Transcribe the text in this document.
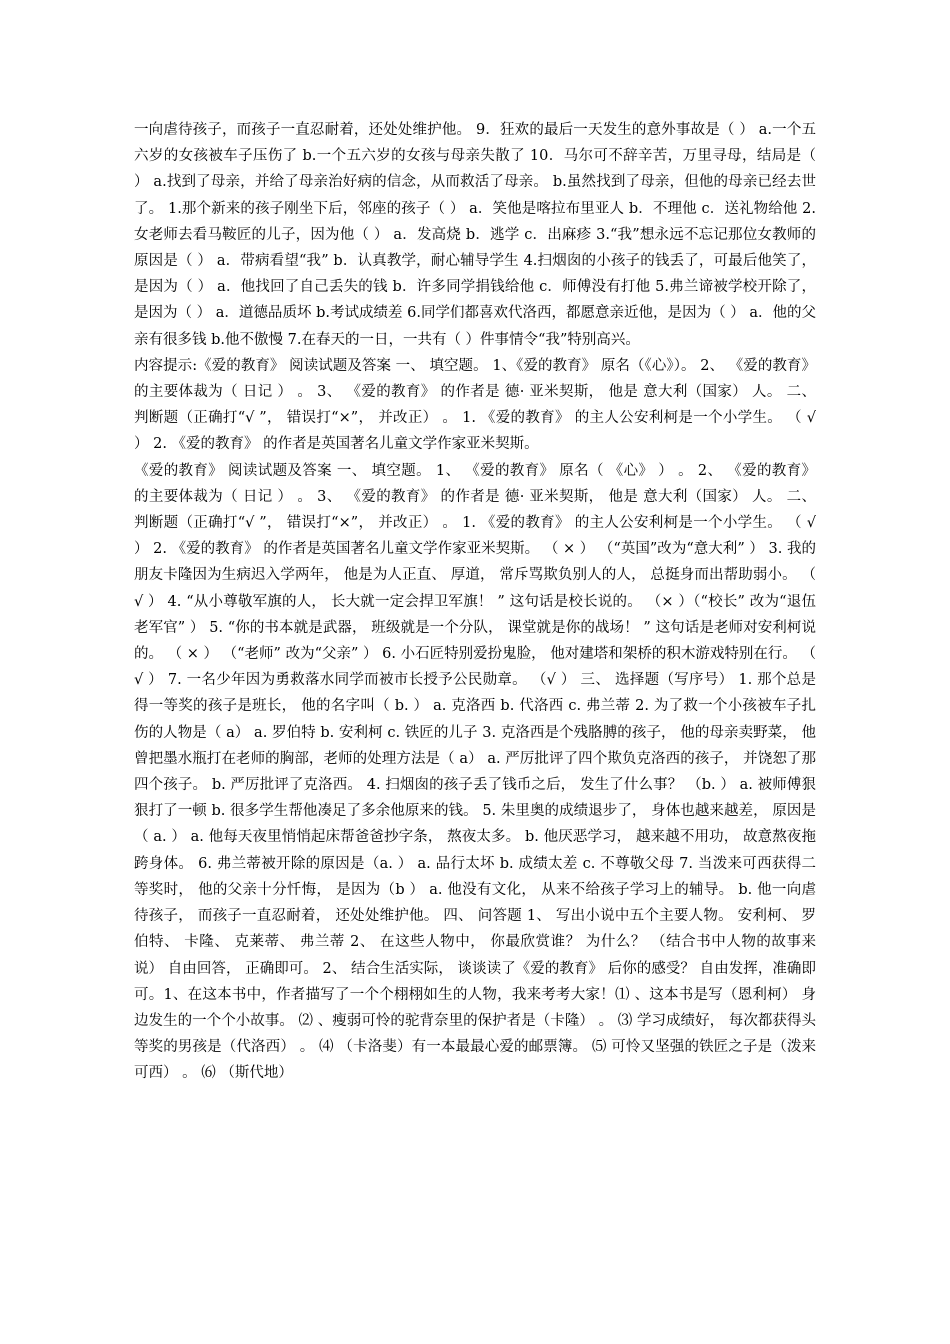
一向虐待孩子，而孩子一直忍耐着，还处处维护他。 9．狂欢的最后一天发生的意外事故是（ ） a.一个五六岁的女孩被车子压伤了 b.一个五六岁的女孩与母亲失散了 10．马尔可不辞辛苦，万里寻母，结局是（ ） a.找到了母亲，并给了母亲治好病的信念，从而救活了母亲。 b.虽然找到了母亲，但他的母亲已经去世了。 1.那个新来的孩子刚坐下后，邻座的孩子（ ） a．笑他是喀拉布里亚人 b．不理他 c．送礼物给他 2.女老师去看马鞍匠的儿子，因为他（ ） a．发高烧 b．逃学 c．出麻疹 3.“我”想永远不忘记那位女教师的原因是（ ） a．带病看望“我” b．认真教学，耐心辅导学生 4.扫烟囱的小孩子的钱丢了，可最后他笑了，是因为（ ） a．他找回了自己丢失的钱 b．许多同学捐钱给他 c．师傅没有打他 5.弗兰谛被学校开除了，是因为（ ） a．道德品质坏 b.考试成绩差 6.同学们都喜欢代洛西，都愿意亲近他，是因为（ ） a．他的父亲有很多钱 b.他不傲慢 7.在春天的一日，一共有（ ）件事情令“我”特别高兴。

内容提示:《爱的教育》 阅读试题及答案 一、 填空题。 1、《爱的教育》 原名（《心》）。 2、 《爱的教育》 的主要体裁为（ 日记 ） 。 3、 《爱的教育》 的作者是 德· 亚米契斯， 他是 意大利（国家） 人。 二、 判断题（正确打“√ ”， 错误打“×”， 并改正） 。 1. 《爱的教育》 的主人公安利柯是一个小学生。 （ √ ） 2. 《爱的教育》 的作者是英国著名儿童文学作家亚米契斯。

《爱的教育》 阅读试题及答案 一、 填空题。 1、 《爱的教育》 原名（ 《心》 ） 。 2、 《爱的教育》 的主要体裁为（ 日记 ） 。 3、 《爱的教育》 的作者是 德· 亚米契斯， 他是 意大利（国家） 人。 二、 判断题（正确打“√ ”， 错误打“×”， 并改正） 。 1. 《爱的教育》 的主人公安利柯是一个小学生。 （ √ ） 2. 《爱的教育》 的作者是英国著名儿童文学作家亚米契斯。 （ × ） （“英国”改为“意大利” ） 3. 我的朋友卡隆因为生病迟入学两年， 他是为人正直、 厚道， 常斥骂欺负别人的人， 总挺身而出帮助弱小。 （ √ ） 4. “从小尊敬军旗的人， 长大就一定会捍卫军旗！ ” 这句话是校长说的。 （× ）（“校长” 改为“退伍老军官” ） 5. “你的书本就是武器， 班级就是一个分队， 课堂就是你的战场！ ” 这句话是老师对安利柯说的。 （ × ） （“老师” 改为“父亲” ） 6. 小石匠特别爱扮鬼脸， 他对建塔和架桥的积木游戏特别在行。 （ √ ） 7. 一名少年因为勇救落水同学而被市长授予公民勋章。 （√ ） 三、 选择题（写序号） 1. 那个总是得一等奖的孩子是班长， 他的名字叫（ b. ） a. 克洛西 b. 代洛西 c. 弗兰蒂 2. 为了救一个小孩被车子扎伤的人物是（ a） a. 罗伯特 b. 安利柯 c. 铁匠的儿子 3. 克洛西是个残胳膊的孩子， 他的母亲卖野菜， 他曾把墨水瓶打在老师的胸部，老师的处理方法是（ a） a. 严厉批评了四个欺负克洛西的孩子， 并饶恕了那四个孩子。 b. 严厉批评了克洛西。 4. 扫烟囱的孩子丢了钱币之后， 发生了什么事？ （b. ） a. 被师傅狠狠打了一顿 b. 很多学生帮他凑足了多余他原来的钱。 5. 朱里奥的成绩退步了， 身体也越来越差， 原因是（ a. ） a. 他每天夜里悄悄起床帮爸爸抄字条， 熬夜太多。 b. 他厌恶学习， 越来越不用功， 故意熬夜拖跨身体。 6. 弗兰蒂被开除的原因是（a. ） a. 品行太坏 b. 成绩太差 c. 不尊敬父母 7. 当泼来可西获得二等奖时， 他的父亲十分忏悔， 是因为（b ） a. 他没有文化， 从来不给孩子学习上的辅导。 b. 他一向虐待孩子， 而孩子一直忍耐着， 还处处维护他。 四、 问答题 1、 写出小说中五个主要人物。 安利柯、 罗伯特、 卡隆、 克莱蒂、 弗兰蒂 2、 在这些人物中， 你最欣赏谁？ 为什么？ （结合书中人物的故事来说） 自由回答， 正确即可。 2、 结合生活实际， 谈谈读了《爱的教育》 后你的感受？ 自由发挥，准确即可。1、在这本书中，作者描写了一个个栩栩如生的人物，我来考考大家！⑴ 、这本书是写（恩利柯） 身边发生的一个个小故事。 ⑵ 、瘦弱可怜的驼背奈里的保护者是（卡隆） 。 ⑶ 学习成绩好， 每次都获得头等奖的男孩是（代洛西） 。 ⑷ （卡洛斐）有一本最最心爱的邮票簿。 ⑸ 可怜又坚强的铁匠之子是（泼来可西） 。 ⑹ （斯代地）
